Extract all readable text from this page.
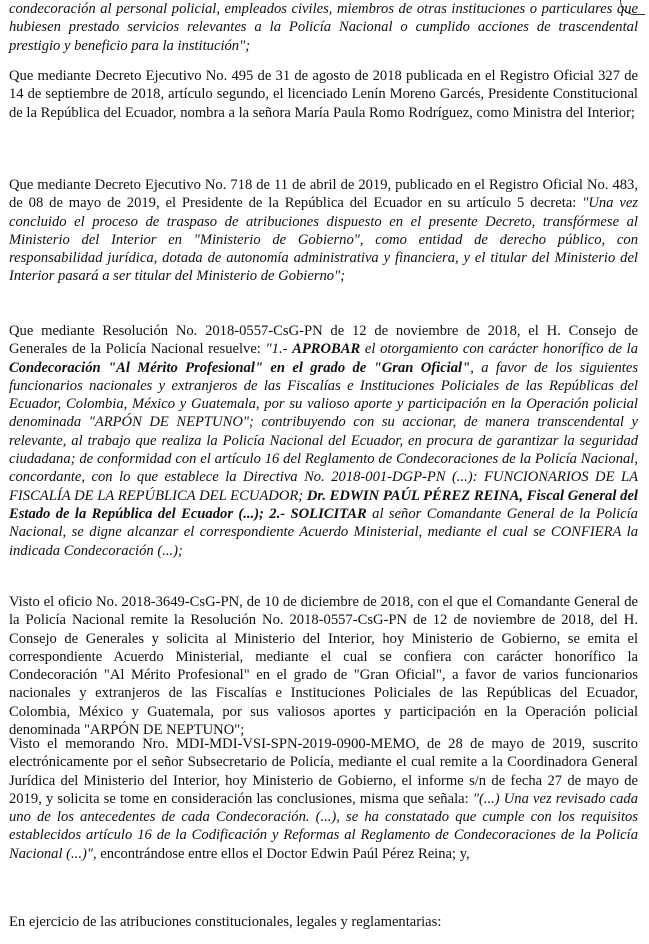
condecoración al personal policial, empleados civiles, miembros de otras instituciones o particulares que hubiesen prestado servicios relevantes a la Policía Nacional o cumplido acciones de trascendental prestigio y beneficio para la institución";

Que mediante Decreto Ejecutivo No. 495 de 31 de agosto de 2018 publicada en el Registro Oficial 327 de 14 de septiembre de 2018, artículo segundo, el licenciado Lenín Moreno Garcés, Presidente Constitucional de la República del Ecuador, nombra a la señora María Paula Romo Rodríguez, como Ministra del Interior;

Que mediante Decreto Ejecutivo No. 718 de 11 de abril de 2019, publicado en el Registro Oficial No. 483, de 08 de mayo de 2019, el Presidente de la República del Ecuador en su artículo 5 decreta: "Una vez concluido el proceso de traspaso de atribuciones dispuesto en el presente Decreto, transfórmese al Ministerio del Interior en "Ministerio de Gobierno", como entidad de derecho público, con responsabilidad jurídica, dotada de autonomía administrativa y financiera, y el titular del Ministerio del Interior pasará a ser titular del Ministerio de Gobierno";

Que mediante Resolución No. 2018-0557-CsG-PN de 12 de noviembre de 2018, el H. Consejo de Generales de la Policía Nacional resuelve: "1.- APROBAR el otorgamiento con carácter honorífico de la Condecoración "Al Mérito Profesional" en el grado de "Gran Oficial", a favor de los siguientes funcionarios nacionales y extranjeros de las Fiscalías e Instituciones Policiales de las Repúblicas del Ecuador, Colombia, México y Guatemala, por su valioso aporte y participación en la Operación policial denominada "ARPÓN DE NEPTUNO"; contribuyendo con su accionar, de manera transcendental y relevante, al trabajo que realiza la Policía Nacional del Ecuador, en procura de garantizar la seguridad ciudadana; de conformidad con el artículo 16 del Reglamento de Condecoraciones de la Policía Nacional, concordante, con lo que establece la Directiva No. 2018-001-DGP-PN (...): FUNCIONARIOS DE LA FISCALÍA DE LA REPÚBLICA DEL ECUADOR; Dr. EDWIN PAÚL PÉREZ REINA, Fiscal General del Estado de la República del Ecuador (...); 2.- SOLICITAR al señor Comandante General de la Policía Nacional, se digne alcanzar el correspondiente Acuerdo Ministerial, mediante el cual se CONFIERA la indicada Condecoración (...);

Visto el oficio No. 2018-3649-CsG-PN, de 10 de diciembre de 2018, con el que el Comandante General de la Policía Nacional remite la Resolución No. 2018-0557-CsG-PN de 12 de noviembre de 2018, del H. Consejo de Generales y solicita al Ministerio del Interior, hoy Ministerio de Gobierno, se emita el correspondiente Acuerdo Ministerial, mediante el cual se confiera con carácter honorífico la Condecoración "Al Mérito Profesional" en el grado de "Gran Oficial", a favor de varios funcionarios nacionales y extranjeros de las Fiscalías e Instituciones Policiales de las Repúblicas del Ecuador, Colombia, México y Guatemala, por sus valiosos aportes y participación en la Operación policial denominada "ARPÓN DE NEPTUNO";

Visto el memorando Nro. MDI-MDI-VSI-SPN-2019-0900-MEMO, de 28 de mayo de 2019, suscrito electrónicamente por el señor Subsecretario de Policía, mediante el cual remite a la Coordinadora General Jurídica del Ministerio del Interior, hoy Ministerio de Gobierno, el informe s/n de fecha 27 de mayo de 2019, y solicita se tome en consideración las conclusiones, misma que señala: "(...) Una vez revisado cada uno de los antecedentes de cada Condecoración. (...), se ha constatado que cumple con los requisitos establecidos artículo 16 de la Codificación y Reformas al Reglamento de Condecoraciones de la Policía Nacional (...)", encontrándose entre ellos el Doctor Edwin Paúl Pérez Reina; y,

En ejercicio de las atribuciones constitucionales, legales y reglamentarias:
